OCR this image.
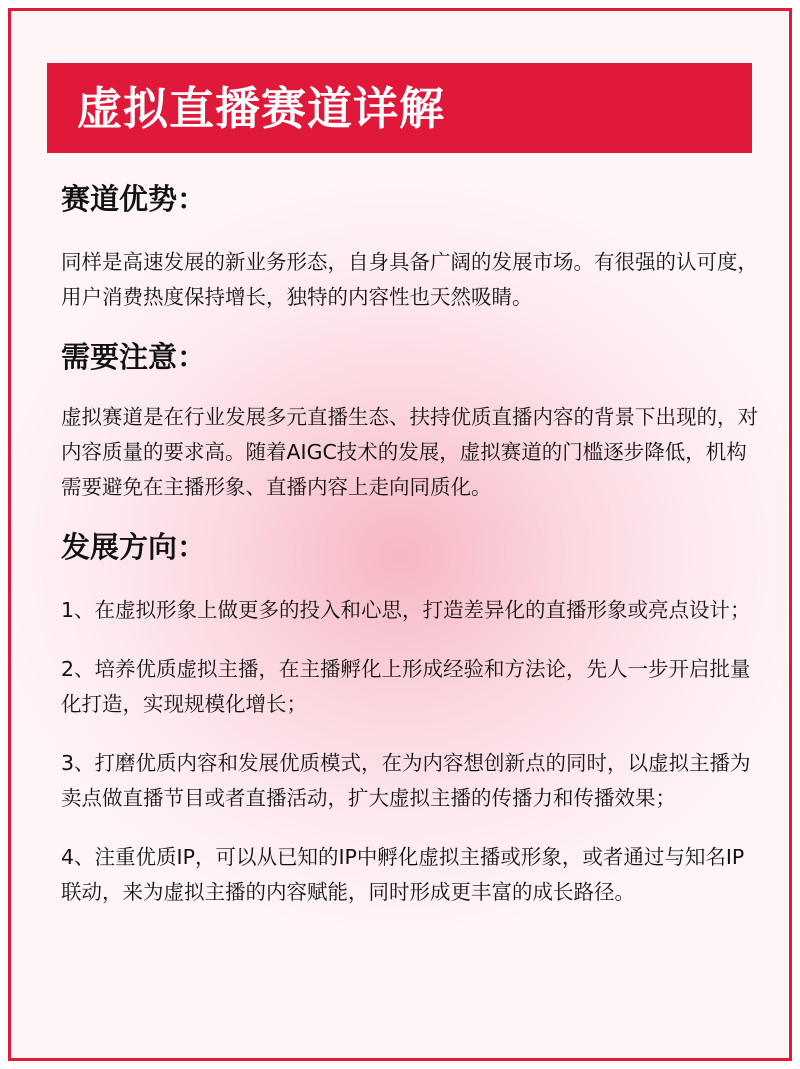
虚拟直播赛道详解
赛道优势：

同样是高速发展的新业务形态，自身具备广阔的发展市场。有很强的认可度，用户消费热度保持增长，独特的内容性也天然吸睛。

需要注意：

虚拟赛道是在行业发展多元直播生态、扶持优质直播内容的背景下出现的，对内容质量的要求高。随着AIGC技术的发展，虚拟赛道的门槛逐步降低，机构需要避免在主播形象、直播内容上走向同质化。

发展方向：

1、在虚拟形象上做更多的投入和心思，打造差异化的直播形象或亮点设计；

2、培养优质虚拟主播，在主播孵化上形成经验和方法论，先人一步开启批量化打造，实现规模化增长；

3、打磨优质内容和发展优质模式，在为内容想创新点的同时，以虚拟主播为卖点做直播节目或者直播活动，扩大虚拟主播的传播力和传播效果；

4、注重优质IP，可以从已知的IP中孵化虚拟主播或形象，或者通过与知名IP联动，来为虚拟主播的内容赋能，同时形成更丰富的成长路径。
